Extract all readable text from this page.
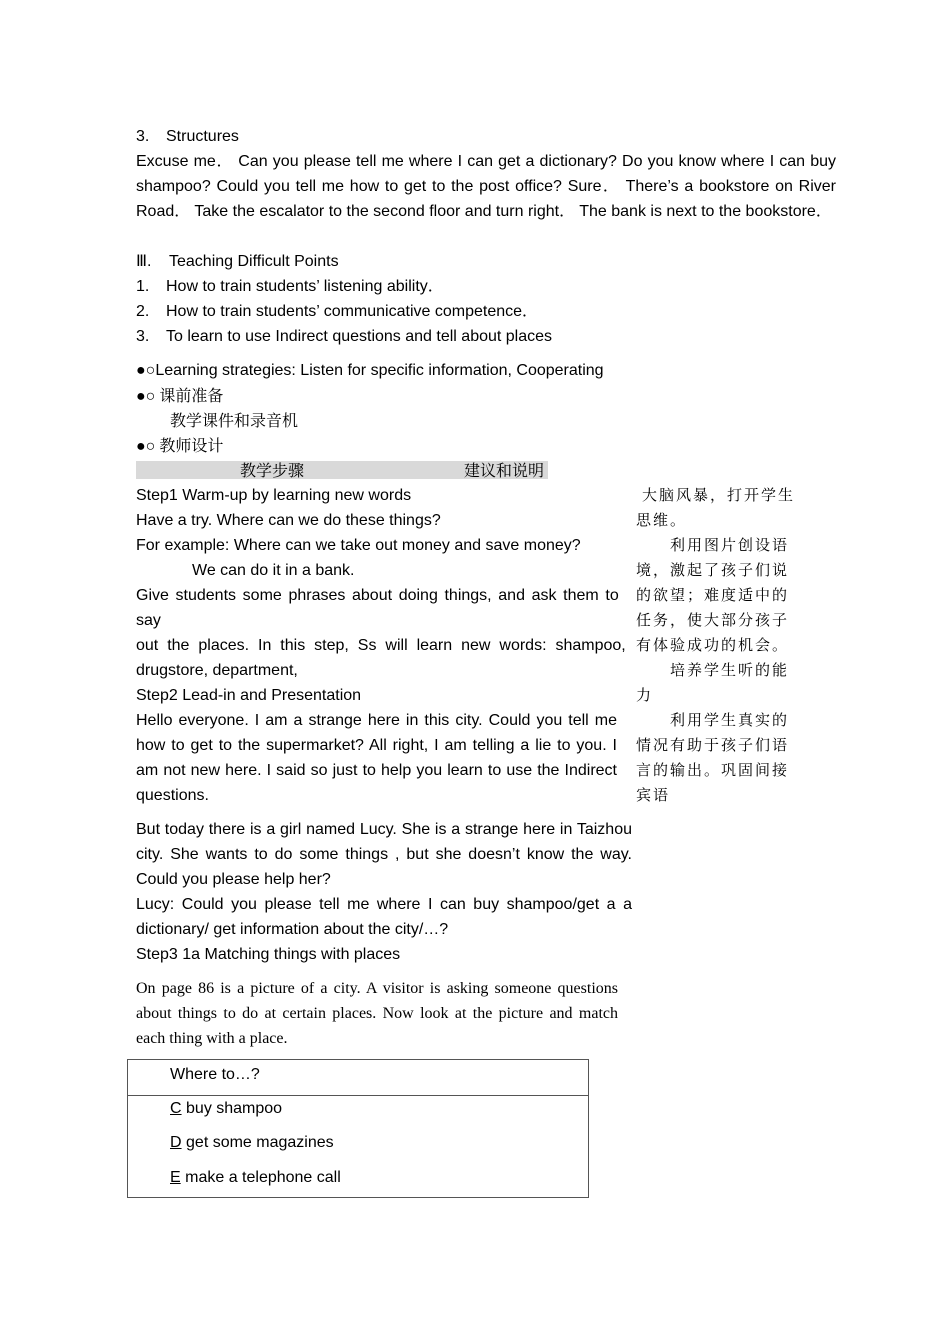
3. Structures
Excuse me． Can you please tell me where I can get a dictionary? Do you know where I can buy shampoo? Could you tell me how to get to the post office? Sure． There’s a bookstore on River Road． Take the escalator to the second floor and turn right． The bank is next to the bookstore．
Ⅲ. Teaching Difficult Points
1. How to train students’ listening ability．
2. How to train students’ communicative competence．
3. To learn to use Indirect questions and tell about places
●○Learning strategies: Listen for specific information, Cooperating
●○ 课前准备
教学课件和录音机
●○ 教师设计
教学步骤	建议和说明
Step1 Warm-up by learning new words
Have a try. Where can we do these things?
For example: Where can we take out money and save money?
We can do it in a bank.
Give students some phrases about doing things, and ask them to
say
out the places. In this step, Ss will learn new words: shampoo,
drugstore, department,
Step2 Lead-in and Presentation
Hello everyone. I am a strange here in this city. Could you tell me how to get to the supermarket? All right, I am telling a lie to you. I am not new here. I said so just to help you learn to use the Indirect questions.
But today there is a girl named Lucy. She is a strange here in Taizhou city. She wants to do some things , but she doesn’t know the way. Could you please help her?
Lucy: Could you please tell me where I can buy shampoo/get a a dictionary/ get information about the city/…?
Step3 1a Matching things with places
On page 86 is a picture of a city. A visitor is asking someone questions about things to do at certain places. Now look at the picture and match each thing with a place.

大脑风暴，打开学生思维。

利用图片创设语境，激起了孩子们说的欲望；难度适中的任务，使大部分孩子有体验成功的机会。

培养学生听的能力

利用学生真实的情况有助于孩子们语言的输出。巩固间接宾语

Where to…?
C buy shampoo
D get some magazines
E make a telephone call
